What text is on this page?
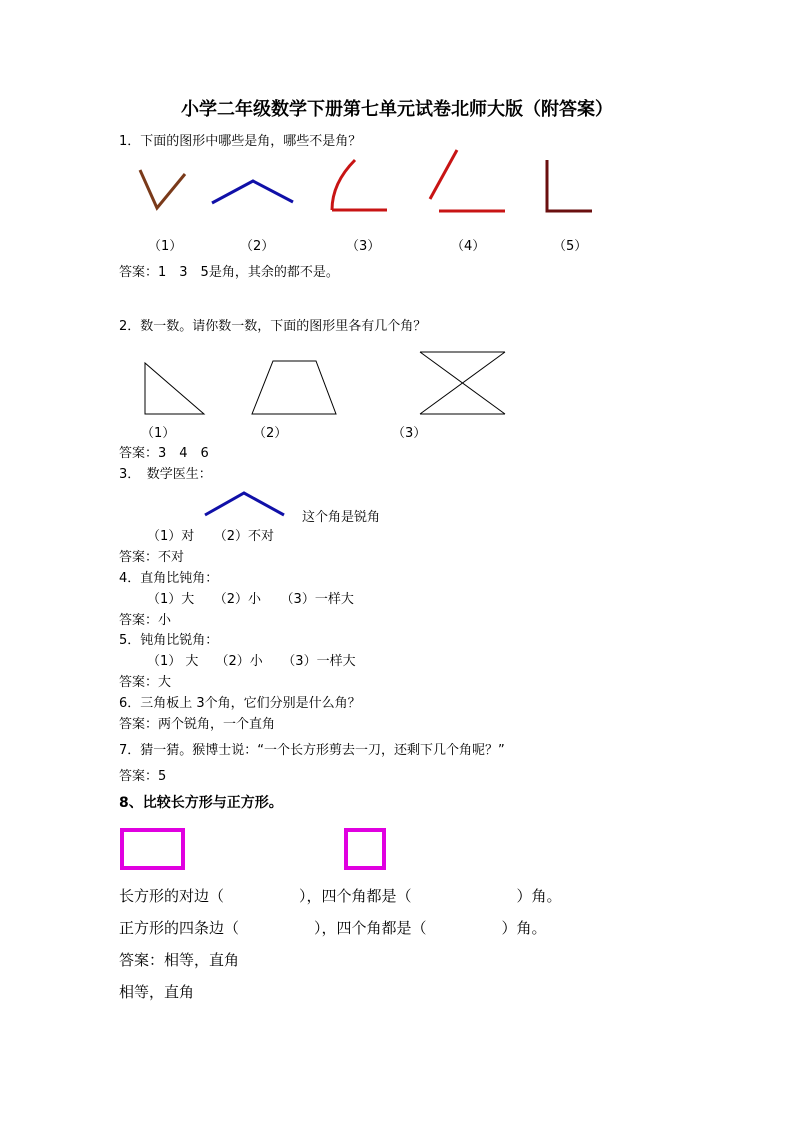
小学二年级数学下册第七单元试卷北师大版（附答案）
1．下面的图形中哪些是角，哪些不是角？
（1）	（2）	（3）	（4）	（5）
答案：1　3　5是角，其余的都不是。
2．数一数。请你数一数，下面的图形里各有几个角？
（1）	（2）	（3）
答案：3　4　6
3．　数学医生：
这个角是锐角
（1）对　　（2）不对
答案：不对
4．直角比钝角：
（1）大　　（2）小　　（3）一样大
答案：小
5．钝角比锐角：
（1） 大　 （2）小　　（3）一样大
答案：大
6．三角板上 3个角，它们分别是什么角？
答案：两个锐角，一个直角
7．猜一猜。猴博士说：“一个长方形剪去一刀，还剩下几个角呢？”
答案：5
8、比较长方形与正方形。
长方形的对边（　　　　　），四个角都是（　　　　　　　）角。
正方形的四条边（　　　　　），四个角都是（　　　　　）角。
答案：相等，直角
相等，直角
